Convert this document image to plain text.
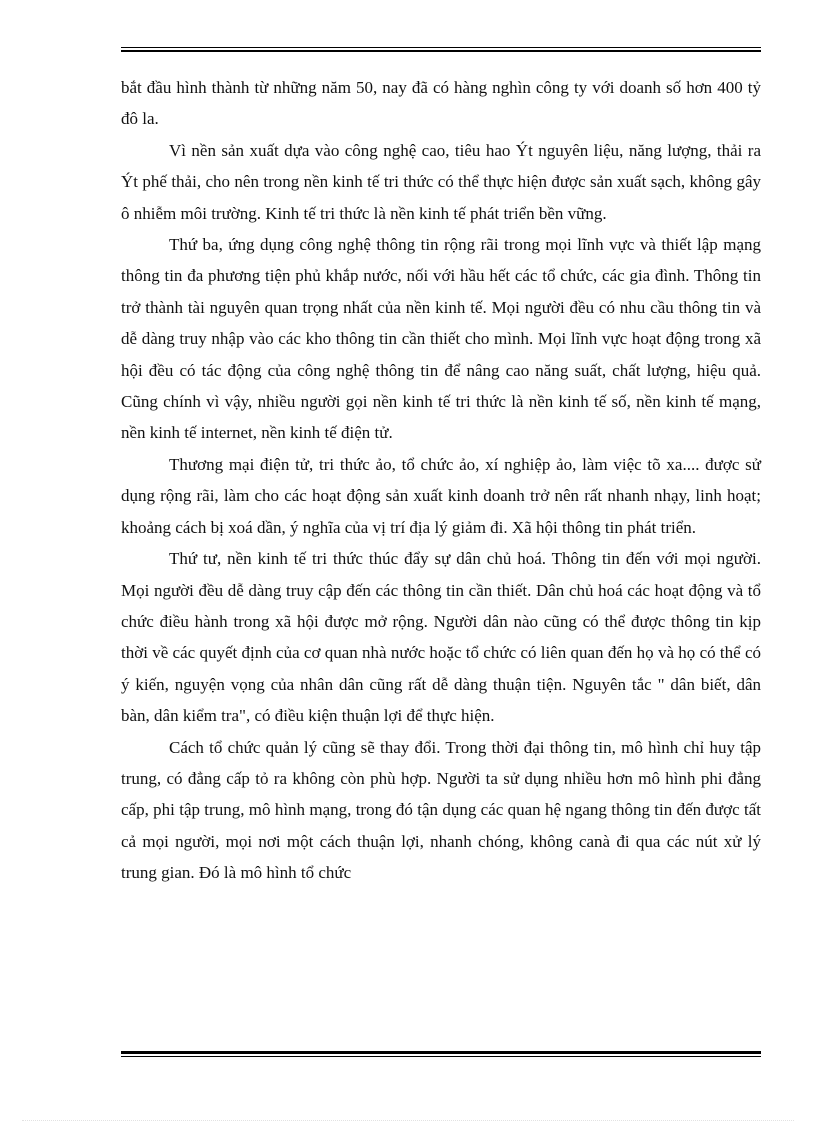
bắt đầu hình thành từ những năm 50, nay đã có hàng nghìn công ty với doanh số hơn 400 tỷ đô la.

Vì nền sản xuất dựa vào công nghệ cao, tiêu hao Ýt nguyên liệu, năng lượng, thải ra Ýt phế thải, cho nên trong nền kinh tế tri thức có thể thực hiện được sản xuất sạch, không gây ô nhiễm môi trường. Kinh tế tri thức là nền kinh tế phát triển bền vững.

Thứ ba, ứng dụng công nghệ thông tin rộng rãi trong mọi lĩnh vực và thiết lập mạng thông tin đa phương tiện phủ khắp nước, nối với hầu hết các tổ chức, các gia đình. Thông tin trở thành tài nguyên quan trọng nhất của nền kinh tế. Mọi người đều có nhu cầu thông tin và dễ dàng truy nhập vào các kho thông tin cần thiết cho mình. Mọi lĩnh vực hoạt động trong xã hội đều có tác động của công nghệ thông tin để nâng cao năng suất, chất lượng, hiệu quả. Cũng chính vì vậy, nhiều người gọi nền kinh tế tri thức là nền kinh tế số, nền kinh tế mạng, nền kinh tế internet, nền kinh tế điện tử.

Thương mại điện tử, tri thức ảo, tổ chức ảo, xí nghiệp ảo, làm việc tõ xa.... được sử dụng rộng rãi, làm cho các hoạt động sản xuất kinh doanh trở nên rất nhanh nhạy, linh hoạt; khoảng cách bị xoá dần, ý nghĩa của vị trí địa lý giảm đi. Xã hội thông tin phát triển.

Thứ tư, nền kinh tế tri thức thúc đẩy sự dân chủ hoá. Thông tin đến với mọi người. Mọi người đều dễ dàng truy cập đến các thông tin cần thiết. Dân chủ hoá các hoạt động và tổ chức điều hành trong xã hội được mở rộng. Người dân nào cũng có thể được thông tin kịp thời về các quyết định của cơ quan nhà nước hoặc tổ chức có liên quan đến họ và họ có thể có ý kiến, nguyện vọng của nhân dân cũng rất dễ dàng thuận tiện. Nguyên tắc " dân biết, dân bàn, dân kiểm tra", có điều kiện thuận lợi để thực hiện.

Cách tổ chức quản lý cũng sẽ thay đổi. Trong thời đại thông tin, mô hình chỉ huy tập trung, có đẳng cấp tỏ ra không còn phù hợp. Người ta sử dụng nhiều hơn mô hình phi đẳng cấp, phi tập trung, mô hình mạng, trong đó tận dụng các quan hệ ngang thông tin đến được tất cả mọi người, mọi nơi một cách thuận lợi, nhanh chóng, không canà đi qua các nút xử lý trung gian. Đó là mô hình tổ chức
